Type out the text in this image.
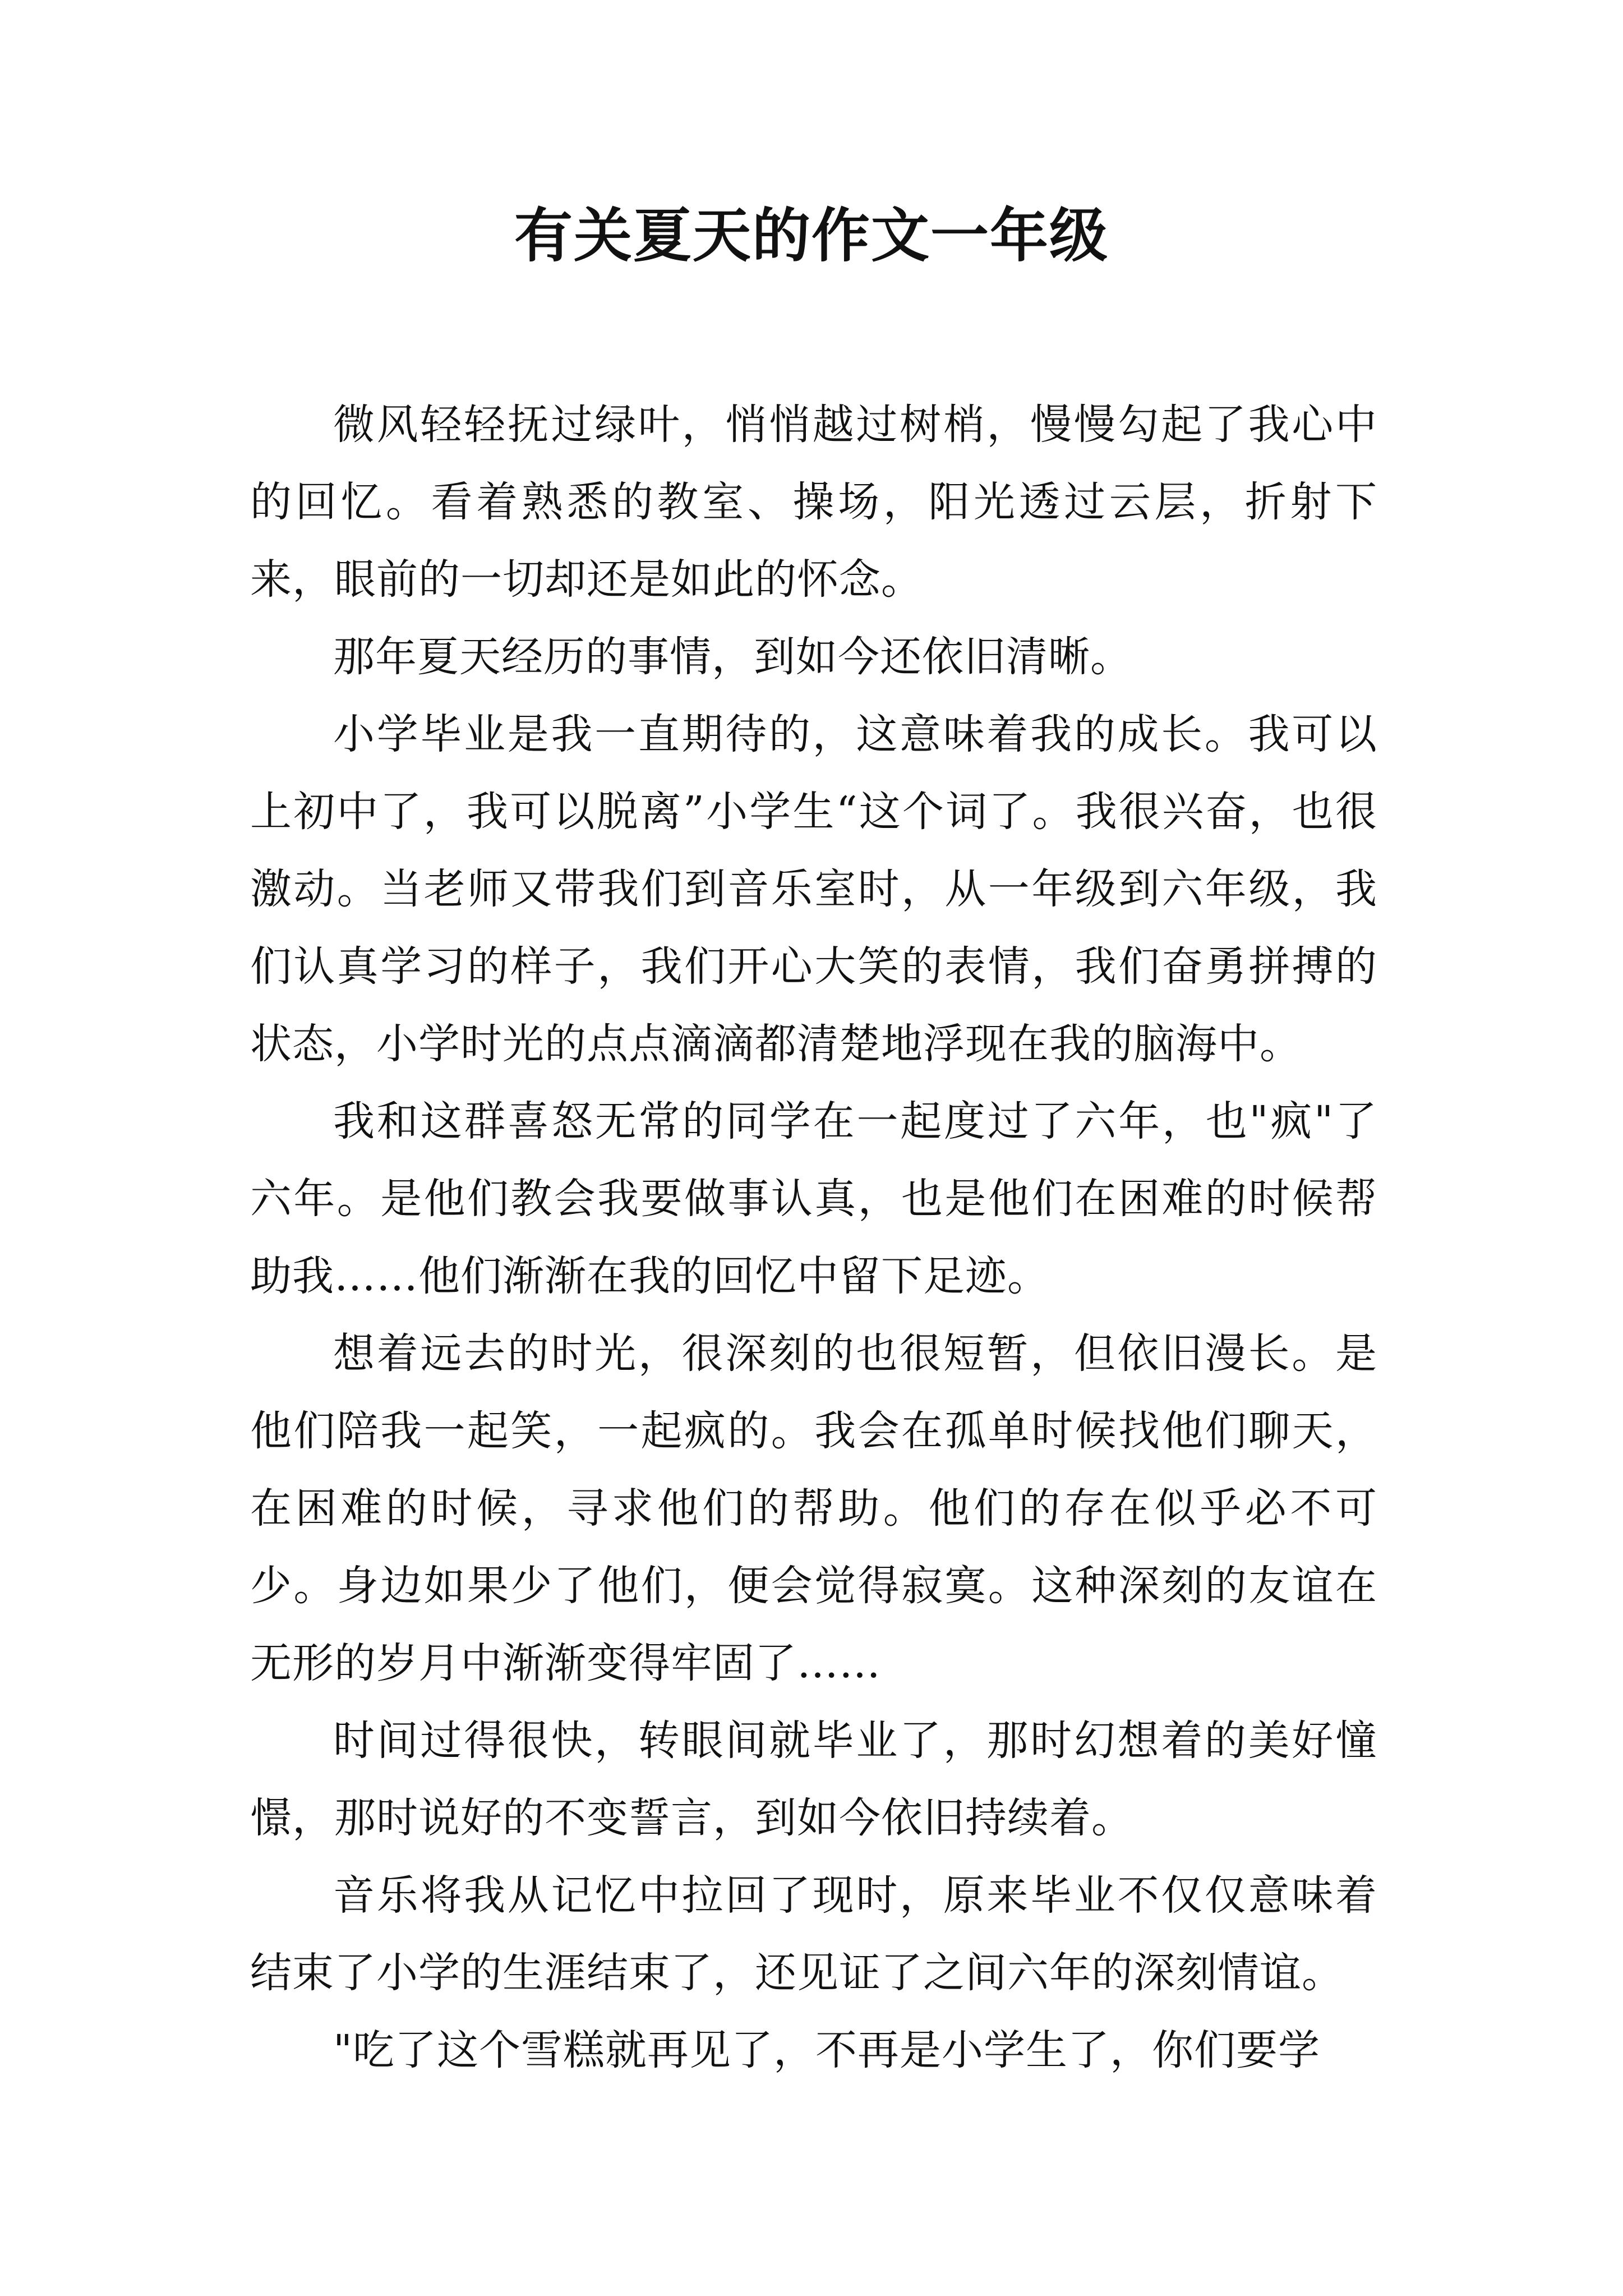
有关夏天的作文一年级

微风轻轻抚过绿叶，悄悄越过树梢，慢慢勾起了我心中的回忆。看着熟悉的教室、操场，阳光透过云层，折射下来，眼前的一切却还是如此的怀念。

那年夏天经历的事情，到如今还依旧清晰。

小学毕业是我一直期待的，这意味着我的成长。我可以上初中了，我可以脱离”小学生“这个词了。我很兴奋，也很激动。当老师又带我们到音乐室时，从一年级到六年级，我们认真学习的样子，我们开心大笑的表情，我们奋勇拼搏的状态，小学时光的点点滴滴都清楚地浮现在我的脑海中。

我和这群喜怒无常的同学在一起度过了六年，也"疯"了六年。是他们教会我要做事认真，也是他们在困难的时候帮助我……他们渐渐在我的回忆中留下足迹。

想着远去的时光，很深刻的也很短暂，但依旧漫长。是他们陪我一起笑，一起疯的。我会在孤单时候找他们聊天，在困难的时候，寻求他们的帮助。他们的存在似乎必不可少。身边如果少了他们，便会觉得寂寞。这种深刻的友谊在无形的岁月中渐渐变得牢固了……

时间过得很快，转眼间就毕业了，那时幻想着的美好憧憬，那时说好的不变誓言，到如今依旧持续着。

音乐将我从记忆中拉回了现时，原来毕业不仅仅意味着结束了小学的生涯结束了，还见证了之间六年的深刻情谊。

"吃了这个雪糕就再见了，不再是小学生了，你们要学
